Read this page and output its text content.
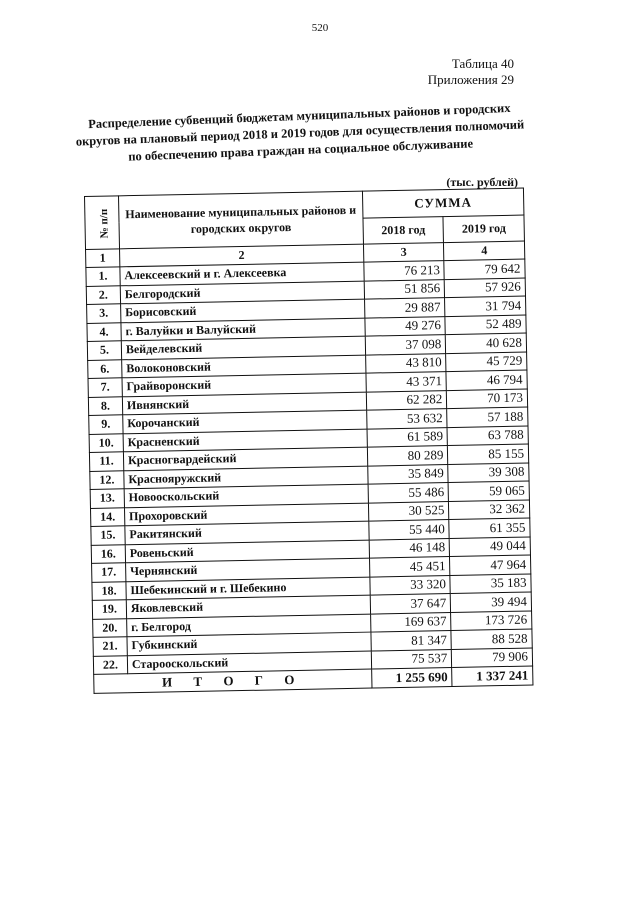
520
Таблица 40
Приложения 29
Распределение субвенций бюджетам муниципальных районов и городских округов на плановый период 2018 и 2019 годов для осуществления полномочий по обеспечению права граждан на социальное обслуживание
(тыс. рублей)
№ п/п	Наименование муниципальных районов и городских округов	СУММА	
		2018 год	2019 год
1	2	3	4
1.	Алексеевский и г. Алексеевка	76 213	79 642
2.	Белгородский	51 856	57 926
3.	Борисовский	29 887	31 794
4.	г. Валуйки и Валуйский	49 276	52 489
5.	Вейделевский	37 098	40 628
6.	Волоконовский	43 810	45 729
7.	Грайворонский	43 371	46 794
8.	Ивнянский	62 282	70 173
9.	Корочанский	53 632	57 188
10.	Красненский	61 589	63 788
11.	Красногвардейский	80 289	85 155
12.	Краснояружский	35 849	39 308
13.	Новооскольский	55 486	59 065
14.	Прохоровский	30 525	32 362
15.	Ракитянский	55 440	61 355
16.	Ровеньский	46 148	49 044
17.	Чернянский	45 451	47 964
18.	Шебекинский и г. Шебекино	33 320	35 183
19.	Яковлевский	37 647	39 494
20.	г. Белгород	169 637	173 726
21.	Губкинский	81 347	88 528
22.	Старооскольский	75 537	79 906
И Т О Г О		1 255 690	1 337 241
